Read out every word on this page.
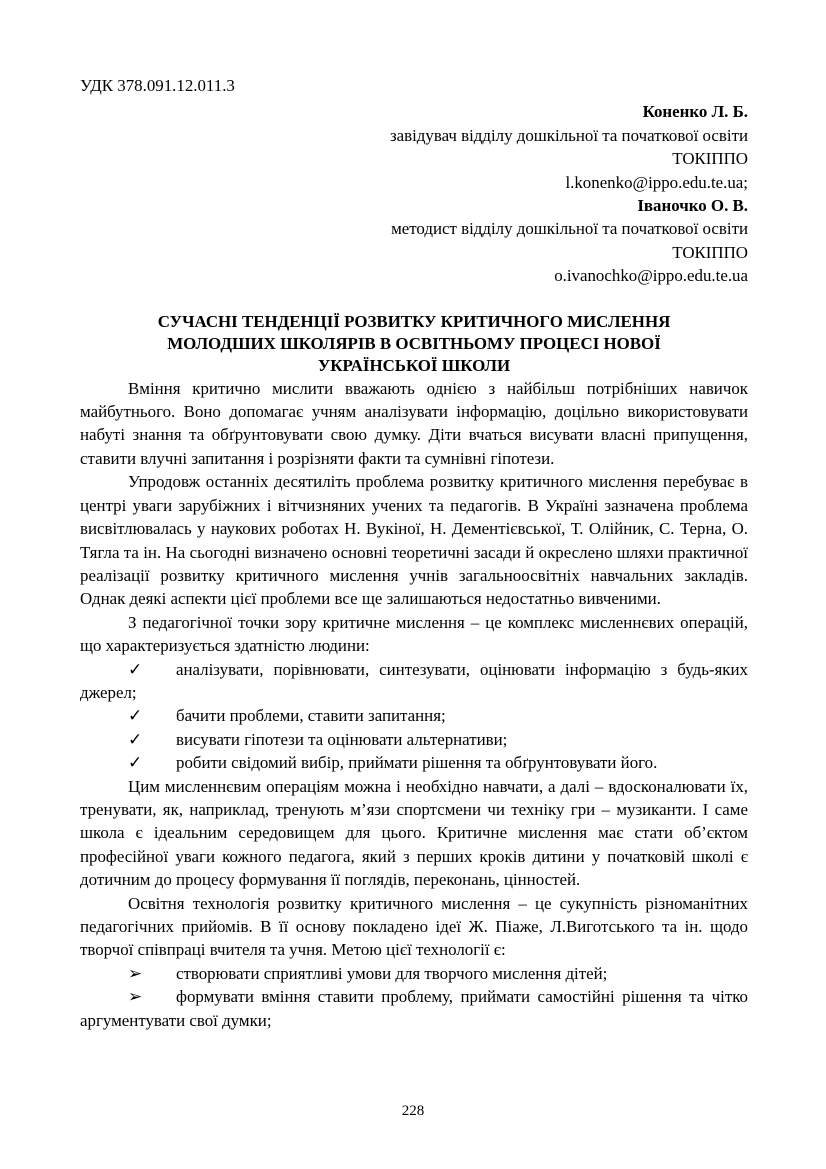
УДК 378.091.12.011.3
Коненко Л. Б.
завідувач відділу дошкільної та початкової освіти
ТОКІППО
l.konenko@ippo.edu.te.ua;
Іваночко О. В.
методист відділу дошкільної та початкової освіти
ТОКІППО
o.ivanochko@ippo.edu.te.ua
СУЧАСНІ ТЕНДЕНЦІЇ РОЗВИТКУ КРИТИЧНОГО МИСЛЕННЯ
МОЛОДШИХ ШКОЛЯРІВ В ОСВІТНЬОМУ ПРОЦЕСІ НОВОЇ
УКРАЇНСЬКОЇ ШКОЛИ

Вміння критично мислити вважають однією з найбільш потрібніших навичок майбутнього. Воно допомагає учням аналізувати інформацію, доцільно використовувати набуті знання та обґрунтовувати свою думку. Діти вчаться висувати власні припущення, ставити влучні запитання і розрізняти факти та сумнівні гіпотези.

Упродовж останніх десятиліть проблема розвитку критичного мислення перебуває в центрі уваги зарубіжних і вітчизняних учених та педагогів. В Україні зазначена проблема висвітлювалась у наукових роботах Н. Вукіної, Н. Дементієвської, Т. Олійник, С. Терна, О. Тягла та ін. На сьогодні визначено основні теоретичні засади й окреслено шляхи практичної реалізації розвитку критичного мислення учнів загальноосвітніх навчальних закладів. Однак деякі аспекти цієї проблеми все ще залишаються недостатньо вивченими.

З педагогічної точки зору критичне мислення – це комплекс мисленнєвих операцій, що характеризується здатністю людини:

✓	аналізувати, порівнювати, синтезувати, оцінювати інформацію з будь-яких джерел;
✓	бачити проблеми, ставити запитання;
✓	висувати гіпотези та оцінювати альтернативи;
✓	робити свідомий вибір, приймати рішення та обґрунтовувати його.

Цим мисленнєвим операціям можна і необхідно навчати, а далі – вдосконалювати їх, тренувати, як, наприклад, тренують м’язи спортсмени чи техніку гри – музиканти. І саме школа є ідеальним середовищем для цього. Критичне мислення має стати об’єктом професійної уваги кожного педагога, який з перших кроків дитини у початковій школі є дотичним до процесу формування її поглядів, переконань, цінностей.

Освітня технологія розвитку критичного мислення – це сукупність різноманітних педагогічних прийомів. В її основу покладено ідеї Ж. Піаже, Л.Виготського та ін. щодо творчої співпраці вчителя та учня. Метою цієї технології є:

➢	створювати сприятливі умови для творчого мислення дітей;
➢	формувати вміння ставити проблему, приймати самостійні рішення та чітко аргументувати свої думки;
228
